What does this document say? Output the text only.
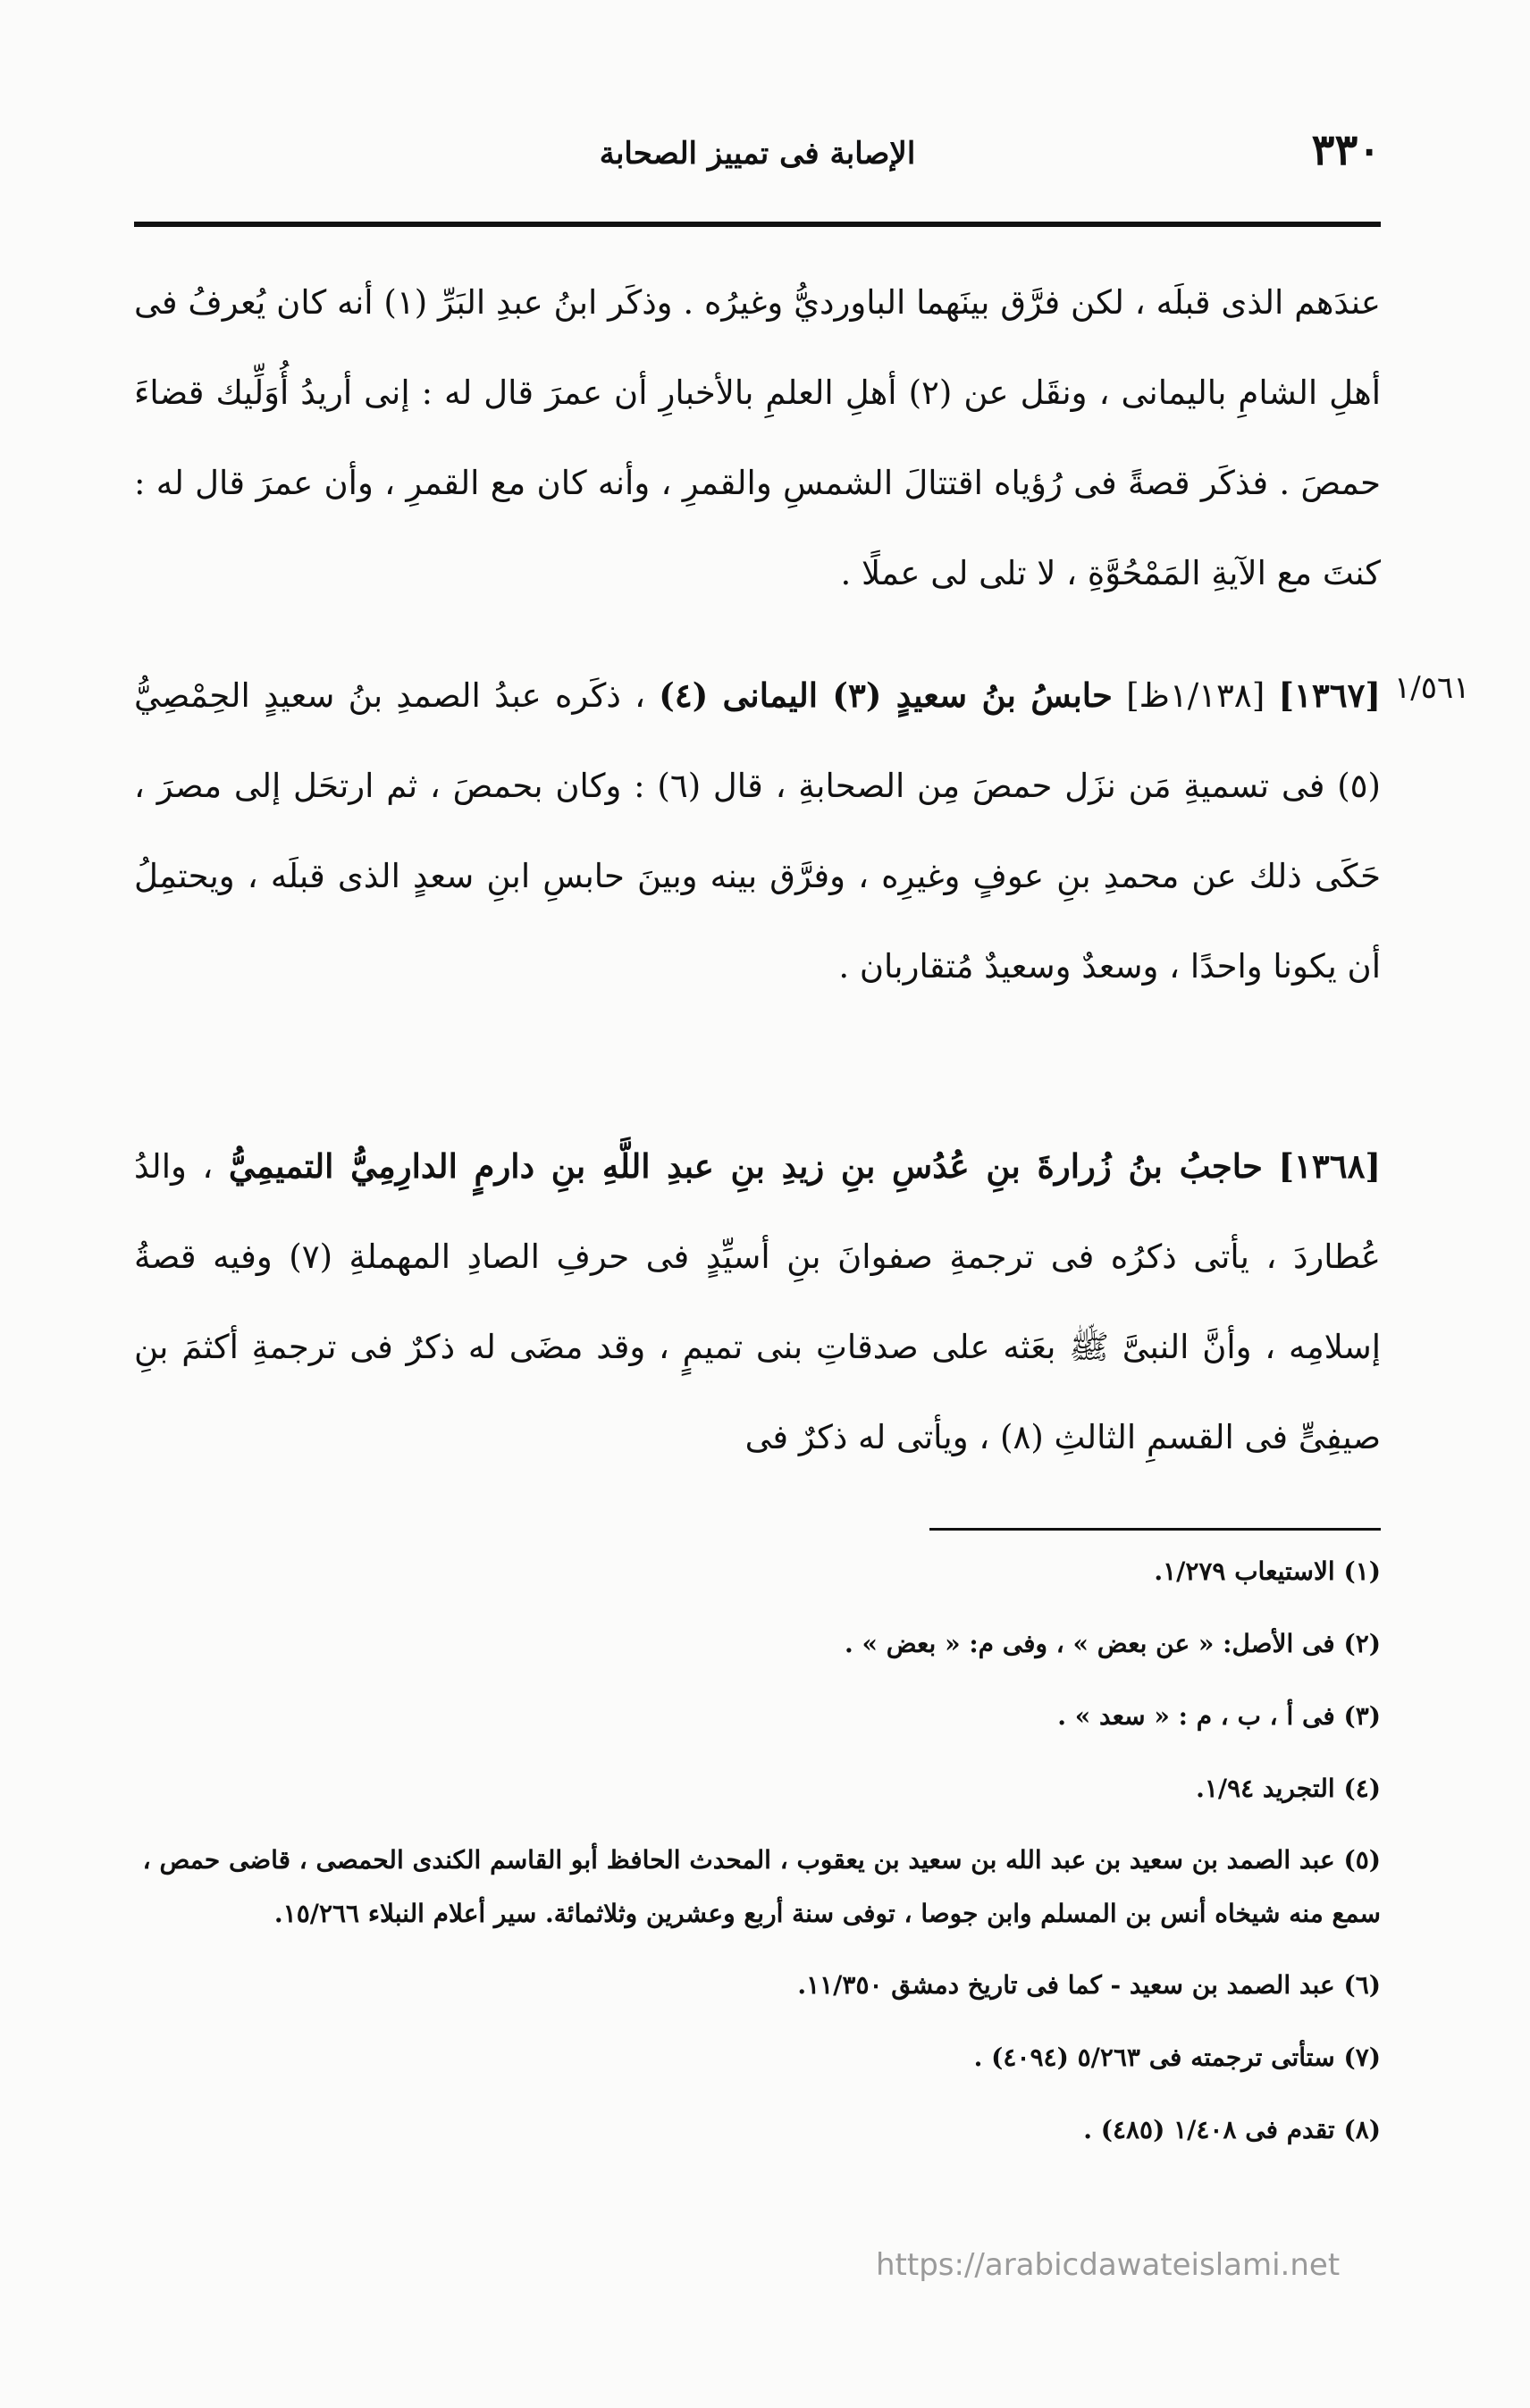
٣٣٠
الإصابة فى تمييز الصحابة

عندَهم الذى قبلَه ، لكن فرَّق بينَهما الباورديُّ وغيرُه . وذكَر ابنُ عبدِ البَرِّ (١) أنه كان يُعرفُ فى أهلِ الشامِ باليمانى ، ونقَل عن (٢) أهلِ العلمِ بالأخبارِ أن عمرَ قال له : إنى أريدُ أُوَلِّيك قضاءَ حمصَ . فذكَر قصةً فى رُؤياه اقتتالَ الشمسِ والقمرِ ، وأنه كان مع القمرِ ، وأن عمرَ قال له : كنتَ مع الآيةِ المَمْحُوَّةِ ، لا تلى لى عملًا .

١/٥٦١

[١٣٦٧] [١/١٣٨ظ] حابسُ بنُ سعيدٍ (٣) اليمانى (٤) ، ذكَره عبدُ الصمدِ بنُ سعيدٍ الحِمْصِيُّ (٥) فى تسميةِ مَن نزَل حمصَ مِن الصحابةِ ، قال (٦) : وكان بحمصَ ، ثم ارتحَل إلى مصرَ ، حَكَى ذلك عن محمدِ بنِ عوفٍ وغيرِه ، وفرَّق بينه وبينَ حابسِ ابنِ سعدٍ الذى قبلَه ، ويحتمِلُ أن يكونا واحدًا ، وسعدٌ وسعيدٌ مُتقاربان .

[١٣٦٨] حاجبُ بنُ زُرارةَ بنِ عُدُسِ بنِ زيدِ بنِ عبدِ اللَّهِ بنِ دارمٍ الدارِمِيُّ التميمِيُّ ، والدُ عُطاردَ ، يأتى ذكرُه فى ترجمةِ صفوانَ بنِ أسيِّدٍ فى حرفِ الصادِ المهملةِ (٧) وفيه قصةُ إسلامِه ، وأنَّ النبىَّ ﷺ بعَثه على صدقاتِ بنى تميمٍ ، وقد مضَى له ذكرٌ فى ترجمةِ أكثمَ بنِ صيفِىٍّ فى القسمِ الثالثِ (٨) ، ويأتى له ذكرٌ فى

(١) الاستيعاب ١/٢٧٩.

(٢) فى الأصل: « عن بعض » ، وفى م: « بعض » .

(٣) فى أ ، ب ، م : « سعد » .

(٤) التجريد ١/٩٤.

(٥) عبد الصمد بن سعيد بن عبد الله بن سعيد بن يعقوب ، المحدث الحافظ أبو القاسم الكندى الحمصى ، قاضى حمص ، سمع منه شيخاه أنس بن المسلم وابن جوصا ، توفى سنة أربع وعشرين وثلاثمائة. سير أعلام النبلاء ١٥/٢٦٦.

(٦) عبد الصمد بن سعيد - كما فى تاريخ دمشق ١١/٣٥٠.

(٧) ستأتى ترجمته فى ٥/٢٦٣ (٤٠٩٤) .

(٨) تقدم فى ١/٤٠٨ (٤٨٥) .

https://arabicdawateislami.net
